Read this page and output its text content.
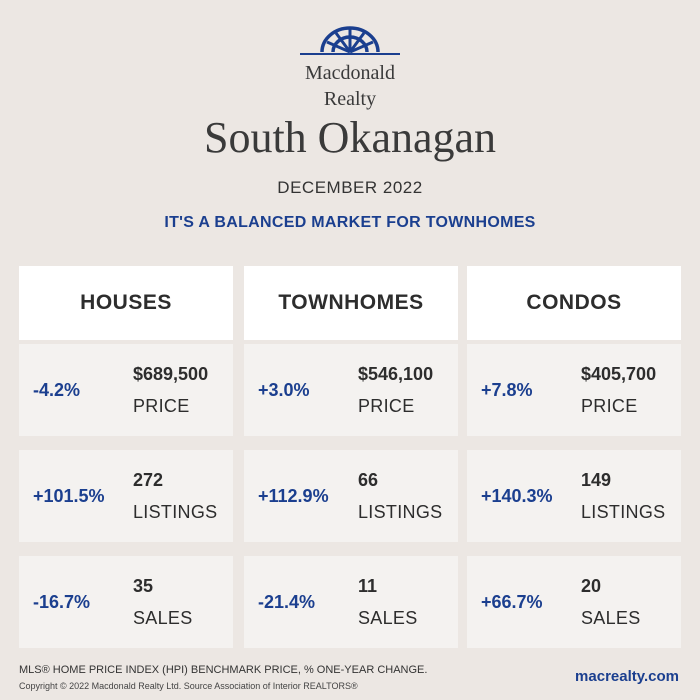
Macdonald
Realty
South Okanagan
DECEMBER 2022
IT'S A BALANCED MARKET FOR TOWNHOMES
HOUSES
-4.2%
$689,500
PRICE
+101.5%
272
LISTINGS
-16.7%
35
SALES
TOWNHOMES
+3.0%
$546,100
PRICE
+112.9%
66
LISTINGS
-21.4%
11
SALES
CONDOS
+7.8%
$405,700
PRICE
+140.3%
149
LISTINGS
+66.7%
20
SALES
MLS® HOME PRICE INDEX (HPI) BENCHMARK PRICE, % ONE-YEAR CHANGE.
Copyright © 2022 Macdonald Realty Ltd. Source Association of Interior REALTORS®
macrealty.com
